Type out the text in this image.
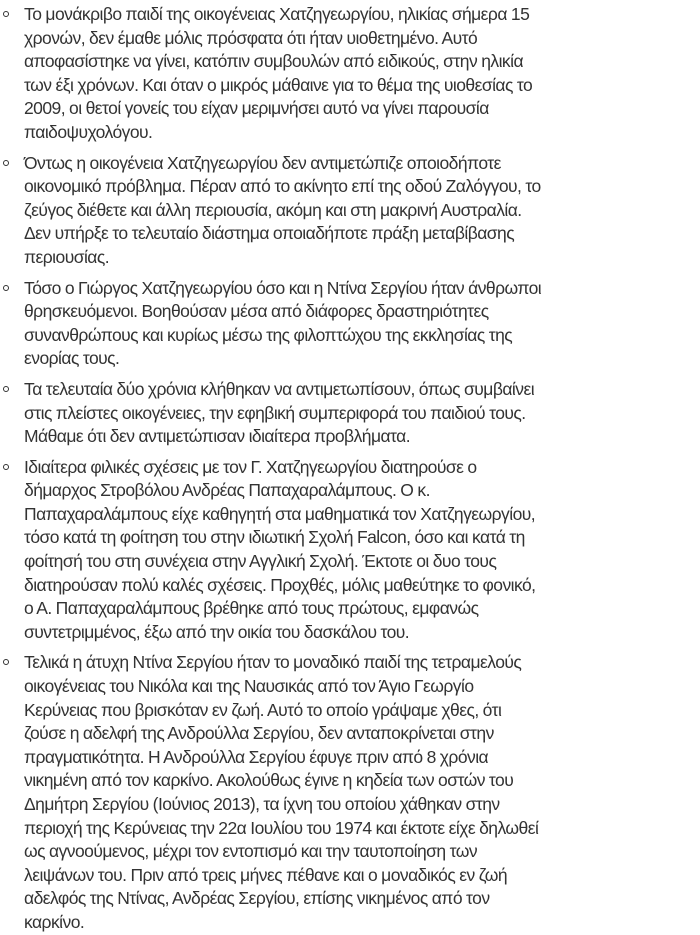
Το μονάκριβο παιδί της οικογένειας Χατζηγεωργίου, ηλικίας σήμερα 15
χρονών, δεν έμαθε μόλις πρόσφατα ότι ήταν υιοθετημένο. Αυτό
αποφασίστηκε να γίνει, κατόπιν συμβουλών από ειδικούς, στην ηλικία
των έξι χρόνων. Και όταν ο μικρός μάθαινε για το θέμα της υιοθεσίας το
2009, οι θετοί γονείς του είχαν μεριμνήσει αυτό να γίνει παρουσία
παιδοψυχολόγου.
Όντως η οικογένεια Χατζηγεωργίου δεν αντιμετώπιζε οποιοδήποτε
οικονομικό πρόβλημα. Πέραν από το ακίνητο επί της οδού Ζαλόγγου, το
ζεύγος διέθετε και άλλη περιουσία, ακόμη και στη μακρινή Αυστραλία.
Δεν υπήρξε το τελευταίο διάστημα οποιαδήποτε πράξη μεταβίβασης
περιουσίας.
Τόσο ο Γιώργος Χατζηγεωργίου όσο και η Ντίνα Σεργίου ήταν άνθρωποι
θρησκευόμενοι. Βοηθούσαν μέσα από διάφορες δραστηριότητες
συνανθρώπους και κυρίως μέσω της φιλοπτώχου της εκκλησίας της
ενορίας τους.
Τα τελευταία δύο χρόνια κλήθηκαν να αντιμετωπίσουν, όπως συμβαίνει
στις πλείστες οικογένειες, την εφηβική συμπεριφορά του παιδιού τους.
Μάθαμε ότι δεν αντιμετώπισαν ιδιαίτερα προβλήματα.
Ιδιαίτερα φιλικές σχέσεις με τον Γ. Χατζηγεωργίου διατηρούσε ο
δήμαρχος Στροβόλου Ανδρέας Παπαχαραλάμπους. Ο κ.
Παπαχαραλάμπους είχε καθηγητή στα μαθηματικά τον Χατζηγεωργίου,
τόσο κατά τη φοίτηση του στην ιδιωτική Σχολή Falcon, όσο και κατά τη
φοίτησή του στη συνέχεια στην Αγγλική Σχολή. Έκτοτε οι δυο τους
διατηρούσαν πολύ καλές σχέσεις. Προχθές, μόλις μαθεύτηκε το φονικό,
ο Α. Παπαχαραλάμπους βρέθηκε από τους πρώτους, εμφανώς
συντετριμμένος, έξω από την οικία του δασκάλου του.
Τελικά η άτυχη Ντίνα Σεργίου ήταν το μοναδικό παιδί της τετραμελούς
οικογένειας του Νικόλα και της Ναυσικάς από τον Άγιο Γεωργίο
Κερύνειας που βρισκόταν εν ζωή. Αυτό το οποίο γράψαμε χθες, ότι
ζούσε η αδελφή της Ανδρούλλα Σεργίου, δεν ανταποκρίνεται στην
πραγματικότητα. Η Ανδρούλλα Σεργίου έφυγε πριν από 8 χρόνια
νικημένη από τον καρκίνο. Ακολούθως έγινε η κηδεία των οστών του
Δημήτρη Σεργίου (Ιούνιος 2013), τα ίχνη του οποίου χάθηκαν στην
περιοχή της Κερύνειας την 22α Ιουλίου του 1974 και έκτοτε είχε δηλωθεί
ως αγνοούμενος, μέχρι τον εντοπισμό και την ταυτοποίηση των
λειψάνων του. Πριν από τρεις μήνες πέθανε και ο μοναδικός εν ζωή
αδελφός της Ντίνας, Ανδρέας Σεργίου, επίσης νικημένος από τον
καρκίνο.
